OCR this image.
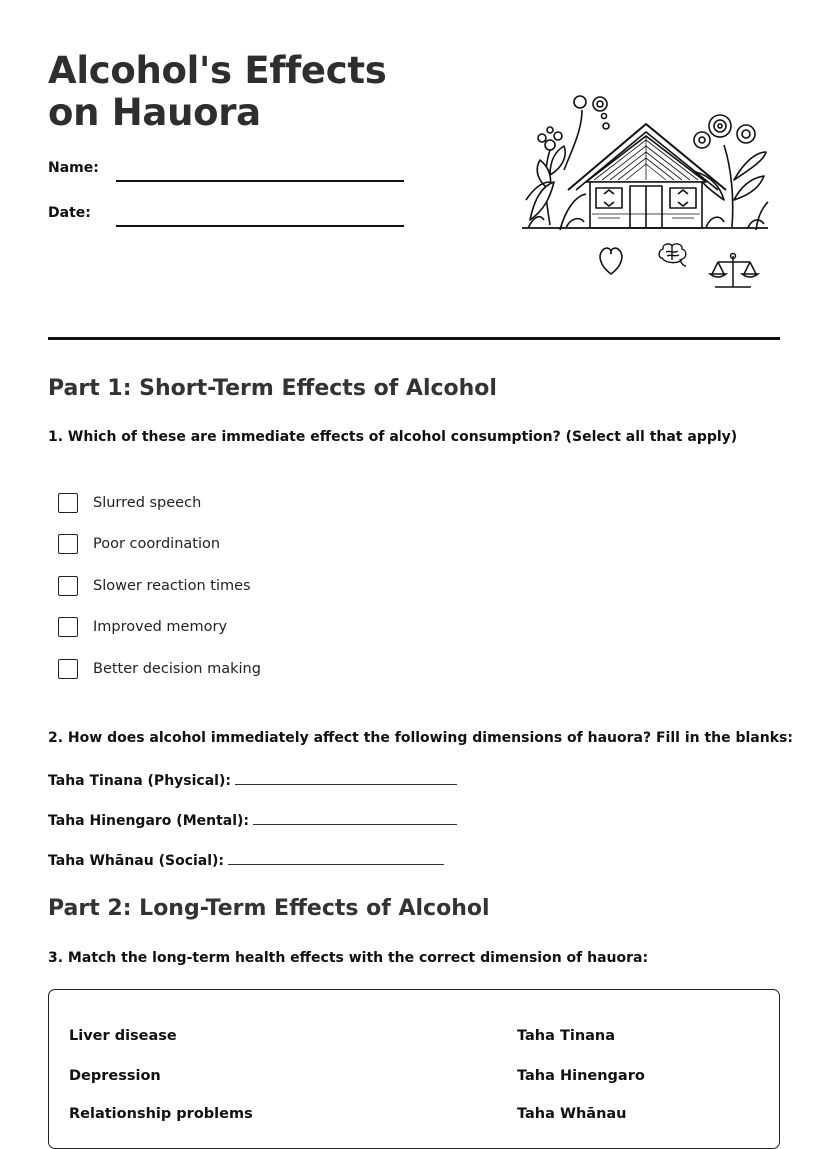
Alcohol's Effects on Hauora
Name:
Date:
Part 1: Short-Term Effects of Alcohol

1. Which of these are immediate effects of alcohol consumption? (Select all that apply)

Slurred speech
Poor coordination
Slower reaction times
Improved memory
Better decision making

2. How does alcohol immediately affect the following dimensions of hauora? Fill in the blanks:

Taha Tinana (Physical):
Taha Hinengaro (Mental):
Taha Whānau (Social):
Part 2: Long-Term Effects of Alcohol

3. Match the long-term health effects with the correct dimension of hauora:

Liver disease
Depression
Relationship problems
Taha Tinana
Taha Hinengaro
Taha Whānau
